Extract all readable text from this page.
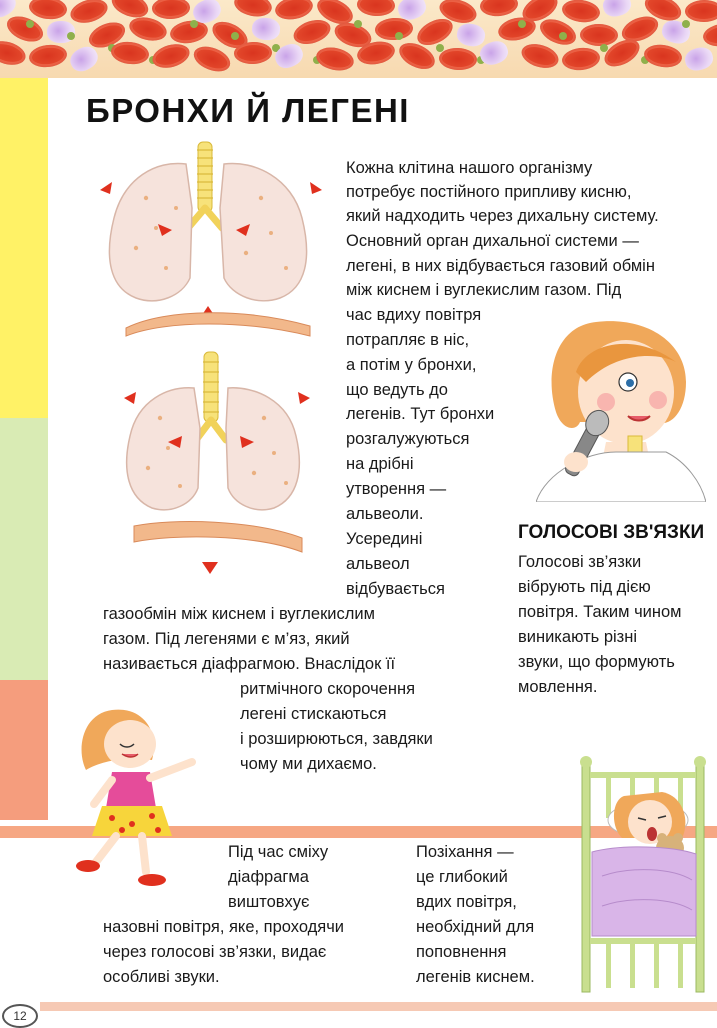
12
БРОНХИ Й ЛЕГЕНІ
Кожна клітина нашого організму
потребує постійного припливу кисню,
який надходить через дихальну систему.
Основний орган дихальної системи —
легені, в них відбувається газовий обмін
між киснем і вуглекислим газом. Під
час вдиху повітря
потрапляє в ніс,
а потім у бронхи,
що ведуть до
легенів. Тут бронхи
розгалужуються
на дрібні
утворення —
альвеоли.
Усередині
альвеол
відбувається
газообмін між киснем і вуглекислим
газом. Під легенями є м’яз, який
називається діафрагмою. Внаслідок її
ритмічного скорочення
легені стискаються
і розширюються, завдяки
чому ми дихаємо.
ГОЛОСОВІ ЗВ'ЯЗКИ
Голосові зв’язки
вібрують під дією
повітря. Таким чином
виникають різні
звуки, що формують
мовлення.
Під час сміху
діафрагма
виштовхує
назовні повітря, яке, проходячи
через голосові зв’язки, видає
особливі звуки.
Позіхання —
це глибокий
вдих повітря,
необхідний для
поповнення
легенів киснем.
